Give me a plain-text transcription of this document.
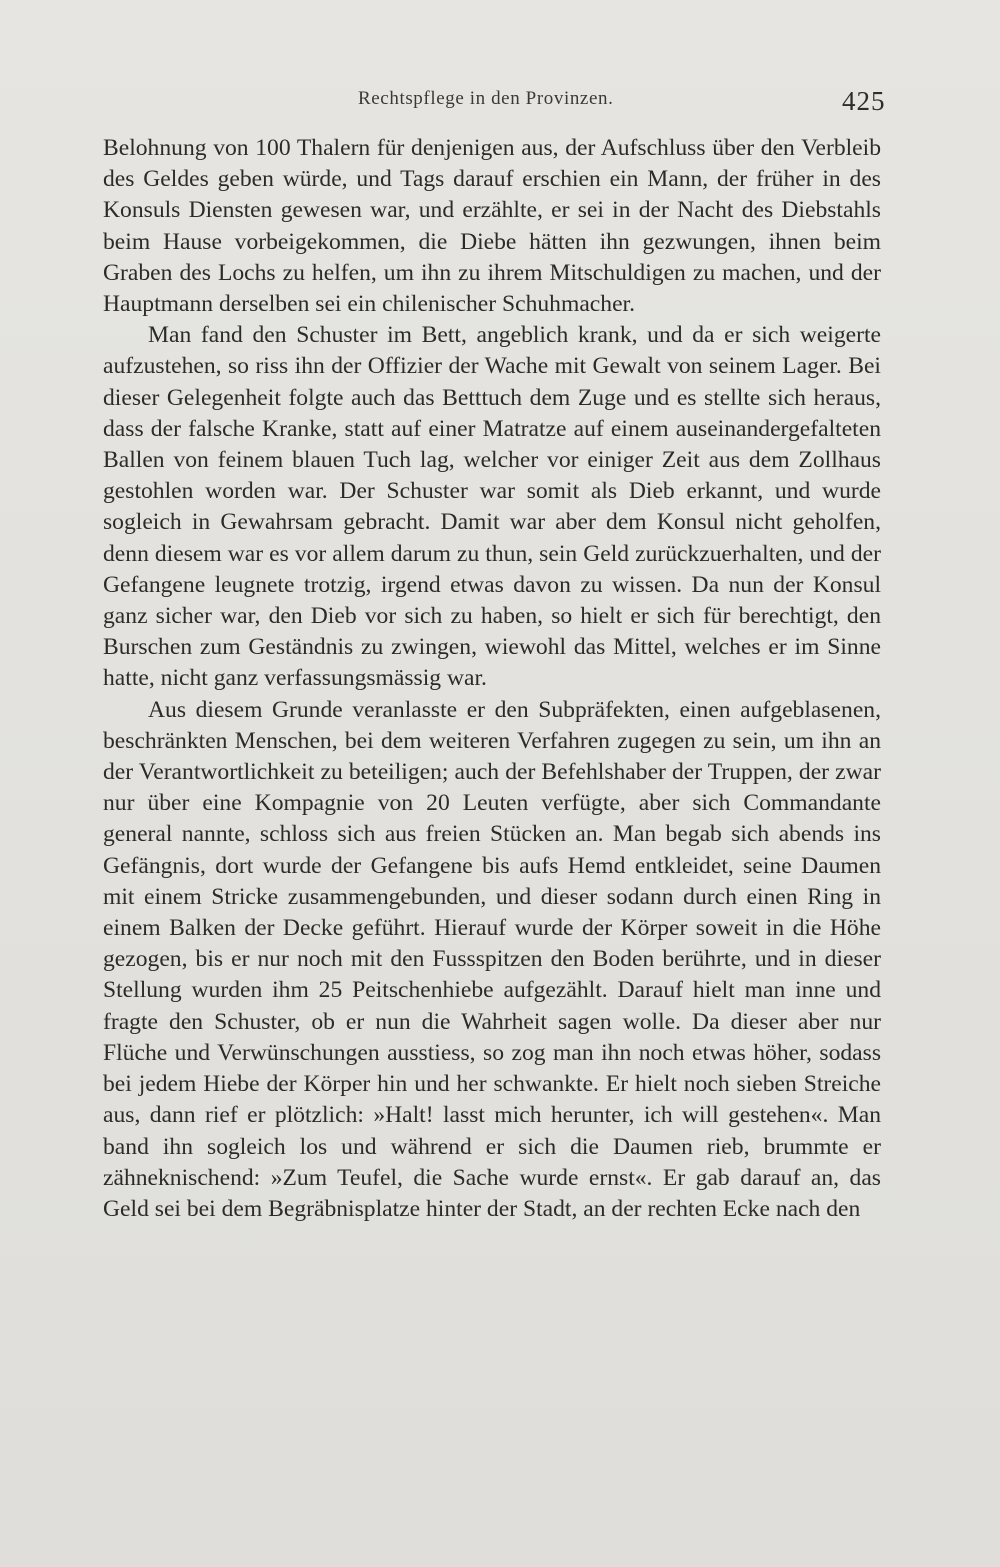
Rechtspflege in den Provinzen.	425

Belohnung von 100 Thalern für denjenigen aus, der Aufschluss über den Verbleib des Geldes geben würde, und Tags darauf erschien ein Mann, der früher in des Konsuls Diensten gewesen war, und erzählte, er sei in der Nacht des Diebstahls beim Hause vorbeigekommen, die Diebe hätten ihn gezwungen, ihnen beim Graben des Lochs zu helfen, um ihn zu ihrem Mitschuldigen zu machen, und der Hauptmann derselben sei ein chilenischer Schuhmacher.

Man fand den Schuster im Bett, angeblich krank, und da er sich weigerte aufzustehen, so riss ihn der Offizier der Wache mit Gewalt von seinem Lager. Bei dieser Gelegenheit folgte auch das Betttuch dem Zuge und es stellte sich heraus, dass der falsche Kranke, statt auf einer Matratze auf einem auseinandergefalteten Ballen von feinem blauen Tuch lag, welcher vor einiger Zeit aus dem Zollhaus gestohlen worden war. Der Schuster war somit als Dieb erkannt, und wurde sogleich in Gewahrsam gebracht. Damit war aber dem Konsul nicht geholfen, denn diesem war es vor allem darum zu thun, sein Geld zurückzuerhalten, und der Gefangene leugnete trotzig, irgend etwas davon zu wissen. Da nun der Konsul ganz sicher war, den Dieb vor sich zu haben, so hielt er sich für berechtigt, den Burschen zum Geständnis zu zwingen, wiewohl das Mittel, welches er im Sinne hatte, nicht ganz verfassungsmässig war.

Aus diesem Grunde veranlasste er den Subpräfekten, einen aufgeblasenen, beschränkten Menschen, bei dem weiteren Verfahren zugegen zu sein, um ihn an der Verantwortlichkeit zu beteiligen; auch der Befehlshaber der Truppen, der zwar nur über eine Kompagnie von 20 Leuten verfügte, aber sich Commandante general nannte, schloss sich aus freien Stücken an. Man begab sich abends ins Gefängnis, dort wurde der Gefangene bis aufs Hemd entkleidet, seine Daumen mit einem Stricke zusammengebunden, und dieser sodann durch einen Ring in einem Balken der Decke geführt. Hierauf wurde der Körper soweit in die Höhe gezogen, bis er nur noch mit den Fussspitzen den Boden berührte, und in dieser Stellung wurden ihm 25 Peitschenhiebe aufgezählt. Darauf hielt man inne und fragte den Schuster, ob er nun die Wahrheit sagen wolle. Da dieser aber nur Flüche und Verwünschungen ausstiess, so zog man ihn noch etwas höher, sodass bei jedem Hiebe der Körper hin und her schwankte. Er hielt noch sieben Streiche aus, dann rief er plötzlich: »Halt! lasst mich herunter, ich will gestehen«. Man band ihn sogleich los und während er sich die Daumen rieb, brummte er zähneknischend: »Zum Teufel, die Sache wurde ernst«. Er gab darauf an, das Geld sei bei dem Begräbnisplatze hinter der Stadt, an der rechten Ecke nach den
